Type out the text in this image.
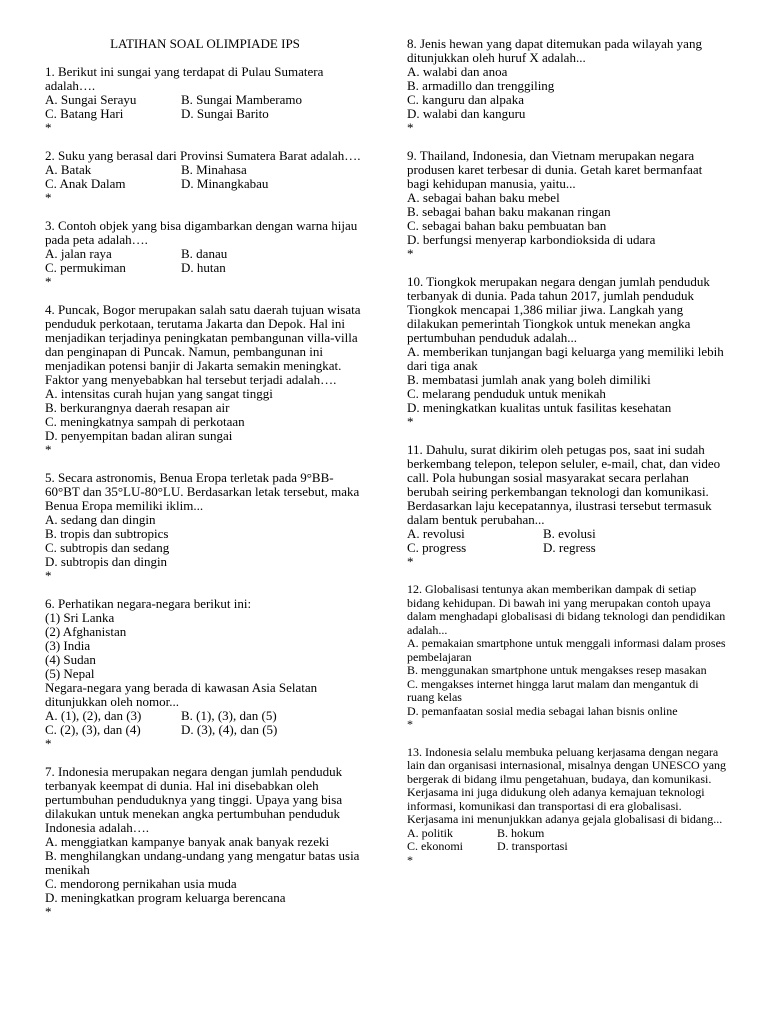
LATIHAN SOAL OLIMPIADE IPS

1. Berikut ini sungai yang terdapat di Pulau Sumatera adalah….

A. Sungai Serayu	B. Sungai Mamberamo
C. Batang Hari	D. Sungai Barito

*

2. Suku yang berasal dari Provinsi Sumatera Barat adalah….

A. Batak	B. Minahasa
C. Anak Dalam	D. Minangkabau

*

3. Contoh objek yang bisa digambarkan dengan warna hijau pada peta adalah….

A. jalan raya	B. danau
C. permukiman	D. hutan

*

4. Puncak, Bogor merupakan salah satu daerah tujuan wisata penduduk perkotaan, terutama Jakarta dan Depok. Hal ini menjadikan terjadinya peningkatan pembangunan villa-villa dan penginapan di Puncak. Namun, pembangunan ini menjadikan potensi banjir di Jakarta semakin meningkat. Faktor yang menyebabkan hal tersebut terjadi adalah….

A. intensitas curah hujan yang sangat tinggi

B. berkurangnya daerah resapan air

C. meningkatnya sampah di perkotaan

D. penyempitan badan aliran sungai

*

5. Secara astronomis, Benua Eropa terletak pada 9°BB-60°BT dan 35°LU-80°LU. Berdasarkan letak tersebut, maka Benua Eropa memiliki iklim...

A. sedang dan dingin

B. tropis dan subtropics

C. subtropis dan sedang

D. subtropis dan dingin

*

6. Perhatikan negara-negara berikut ini:

(1) Sri Lanka

(2) Afghanistan

(3) India

(4) Sudan

(5) Nepal

Negara-negara yang berada di kawasan Asia Selatan ditunjukkan oleh nomor...

A. (1), (2), dan (3)	B. (1), (3), dan (5)
C. (2), (3), dan (4)	D. (3), (4), dan (5)

*

7. Indonesia merupakan negara dengan jumlah penduduk terbanyak keempat di dunia. Hal ini disebabkan oleh pertumbuhan penduduknya yang tinggi. Upaya yang bisa dilakukan untuk menekan angka pertumbuhan penduduk Indonesia adalah….

A. menggiatkan kampanye banyak anak banyak rezeki

B. menghilangkan undang-undang yang mengatur batas usia menikah

C. mendorong pernikahan usia muda

D. meningkatkan program keluarga berencana

*

8. Jenis hewan yang dapat ditemukan pada wilayah yang ditunjukkan oleh huruf X adalah...

A. walabi dan anoa

B. armadillo dan trenggiling

C. kanguru dan alpaka

D. walabi dan kanguru

*

9. Thailand, Indonesia, dan Vietnam merupakan negara produsen karet terbesar di dunia. Getah karet bermanfaat bagi kehidupan manusia, yaitu...

A. sebagai bahan baku mebel

B. sebagai bahan baku makanan ringan

C. sebagai bahan baku pembuatan ban

D. berfungsi menyerap karbondioksida di udara

*

10. Tiongkok merupakan negara dengan jumlah penduduk terbanyak di dunia. Pada tahun 2017, jumlah penduduk Tiongkok mencapai 1,386 miliar jiwa. Langkah yang dilakukan pemerintah Tiongkok untuk menekan angka pertumbuhan penduduk adalah...

A. memberikan tunjangan bagi keluarga yang memiliki lebih dari tiga anak

B. membatasi jumlah anak yang boleh dimiliki

C. melarang penduduk untuk menikah

D. meningkatkan kualitas untuk fasilitas kesehatan

*

11. Dahulu, surat dikirim oleh petugas pos, saat ini sudah berkembang telepon, telepon seluler, e-mail, chat, dan video call. Pola hubungan sosial masyarakat secara perlahan berubah seiring perkembangan teknologi dan komunikasi. Berdasarkan laju kecepatannya, ilustrasi tersebut termasuk dalam bentuk perubahan...

A. revolusi	B. evolusi
C. progress	D. regress

*

12. Globalisasi tentunya akan memberikan dampak di setiap bidang kehidupan. Di bawah ini yang merupakan contoh upaya dalam menghadapi globalisasi di bidang teknologi dan pendidikan adalah...

A. pemakaian smartphone untuk menggali informasi dalam proses pembelajaran

B. menggunakan smartphone untuk mengakses resep masakan

C. mengakses internet hingga larut malam dan mengantuk di ruang kelas

D. pemanfaatan sosial media sebagai lahan bisnis online

*

13. Indonesia selalu membuka peluang kerjasama dengan negara lain dan organisasi internasional, misalnya dengan UNESCO yang bergerak di bidang ilmu pengetahuan, budaya, dan komunikasi. Kerjasama ini juga didukung oleh adanya kemajuan teknologi informasi, komunikasi dan transportasi di era globalisasi. Kerjasama ini menunjukkan adanya gejala globalisasi di bidang...

A. politik	B. hokum
C. ekonomi	D. transportasi

*
